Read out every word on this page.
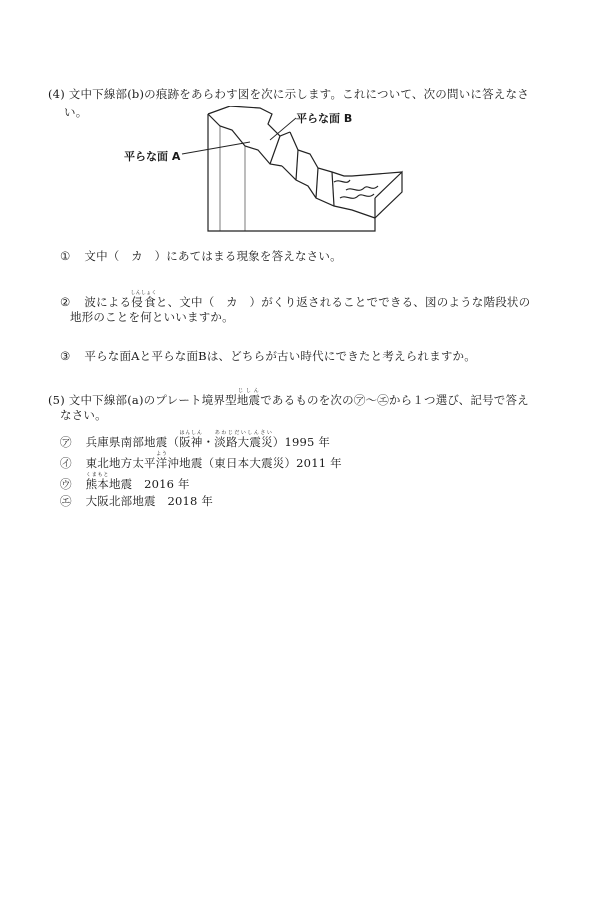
(4) 文中下線部(b)の痕跡をあらわす図を次に示します。これについて、次の問いに答えなさ
い。
平らな面 A
平らな面 B
① 文中（　カ　）にあてはまる現象を答えなさい。
② 波による侵食しんしょくと、文中（　カ　）がくり返されることでできる、図のような階段状の
地形のことを何といいますか。
③ 平らな面Aと平らな面Bは、どちらが古い時代にできたと考えられますか。
(5) 文中下線部(a)のプレート境界型地震じしんであるものを次の㋐～㋓から１つ選び、記号で答え
なさい。
㋐ 兵庫県南部地震（阪神はんしん・淡路大震災あわじだいしんさい）1995 年
㋑ 東北地方太平洋よう沖地震（東日本大震災）2011 年
㋒ 熊本くまもと地震　2016 年
㋓ 大阪北部地震　2018 年
